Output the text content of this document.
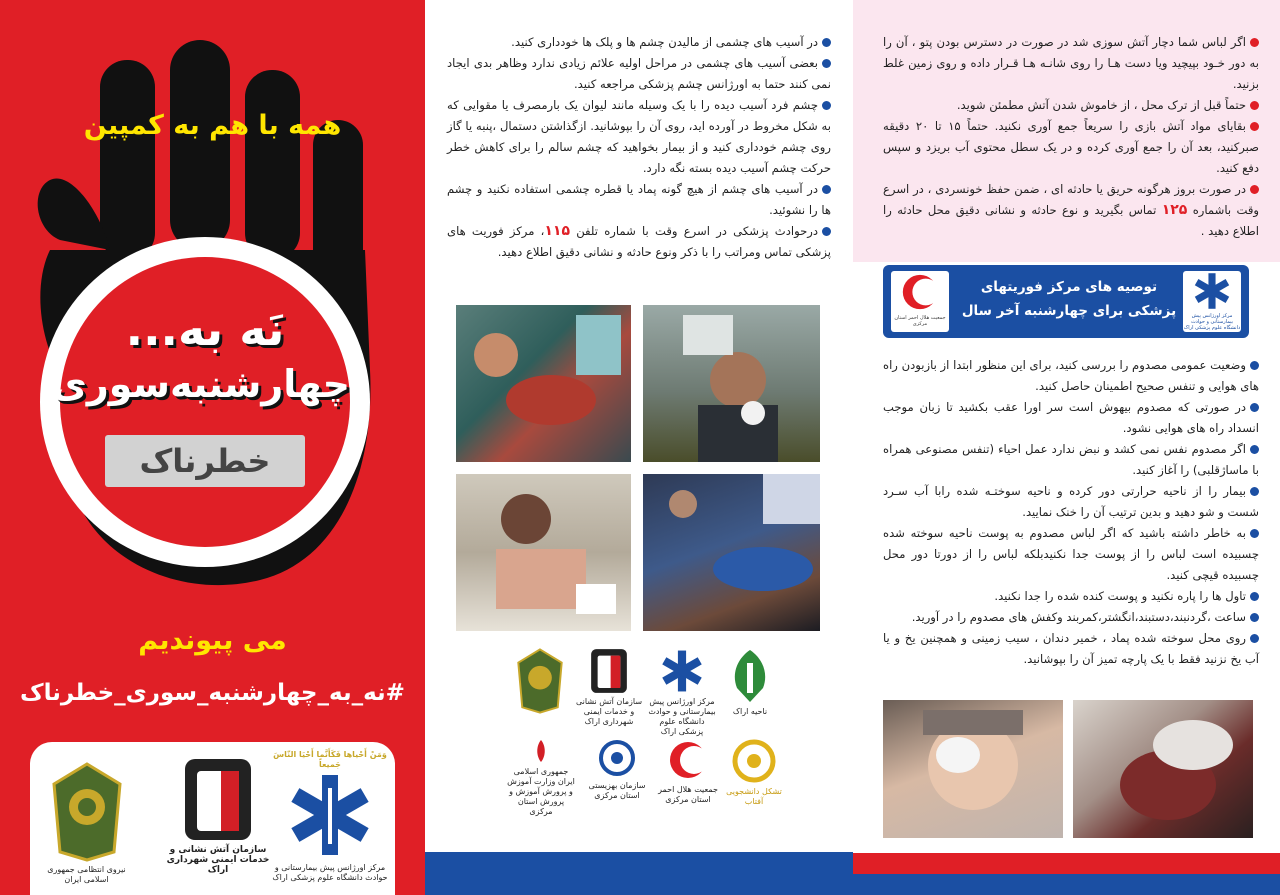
همه با هم به کمپین
نَه به...
چهارشنبه‌سوری
خطرناک
می پیوندیم
#نه_به_چهارشنبه_سوری_خطرناک
نیروی انتظامی جمهوری اسلامی ایران
سازمان آتش نشانی و خدمات ایمنی شهرداری اراک
وَمَنْ أَحْیاها فَکَأَنَّما أَحْیَا النّاسَ جَمیعاً
مرکز اورژانس پیش بیمارستانی و حوادث دانشگاه علوم پزشکی اراک

در آسیب های چشمی از مالیدن چشم ها و پلک ها خودداری کنید.

بعضی آسیب های چشمی در مراحل اولیه علائم زیادی ندارد وظاهر بدی ایجاد نمی کنند حتما به اورژانس چشم پزشکی مراجعه کنید.

چشم فرد آسیب دیده را با یک وسیله مانند لیوان یک بارمصرف یا مقوایی که به شکل مخروط در آورده اید، روی آن را بپوشانید. ازگذاشتن دستمال ،پنبه یا گاز روی چشم خودداری کنید و از بیمار بخواهید که چشم سالم را برای کاهش خطر حرکت چشم آسیب دیده بسته نگه دارد.

در آسیب های چشم از هیچ گونه پماد یا قطره چشمی استفاده نکنید و چشم ها را نشوئید.

درحوادث پزشکی در اسرع وقت با شماره تلفن ۱۱۵، مرکز فوریت های پزشکی تماس ومراتب را با ذکر ونوع حادثه و نشانی دقیق اطلاع دهید.

سازمان آتش نشانی و خدمات ایمنی شهرداری اراک
مرکز اورژانس پیش بیمارستانی و حوادث دانشگاه علوم پزشکی اراک
ناحیه اراک
جمهوری اسلامی ایران وزارت آموزش و پرورش آموزش و پرورش استان مرکزی
سازمان بهزیستی استان مرکزی
جمعیت هلال احمر استان مرکزی
تشکل دانشجویی آفتاب

اگر لباس شما دچار آتش سوزی شد در صورت در دسترس بودن پتو ، آن را به دور خـود بپیچید ویا دست هـا را روی شانـه هـا قـرار داده و روی زمین غلط بزنید.

حتماً قبل از ترک محل ، از خاموش شدن آتش مطمئن شوید.

بقایای مواد آتش بازی را سریعاً جمع آوری نکنید. حتماً ۱۵ تا ۲۰ دقیقه صبرکنید، بعد آن را جمع آوری کرده و در یک سطل محتوی آب بریزد و سپس دفع کنید.

در صورت بروز هرگونه حریق یا حادثه ای ، ضمن حفظ خونسردی ، در اسرع وقت باشماره ۱۲۵ تماس بگیرید و نوع حادثه و نشانی دقیق محل حادثه را اطلاع دهید .

مرکز اورژانس پیش بیمارستانی و حوادث دانشگاه علوم پزشکی اراک
توصیه های مرکز فوریتهای پزشکی برای چهارشنبه آخر سال
جمعیت هلال احمر استان مرکزی

وضعیت عمومی مصدوم را بررسی کنید، برای این منظور ابتدا از بازبودن راه های هوایی و تنفس صحیح اطمینان حاصل کنید.

در صورتی که مصدوم بیهوش است سر اورا عقب بکشید تا زبان موجب انسداد راه های هوایی نشود.

اگر مصدوم نفس نمی کشد و نبض ندارد عمل احیاء (تنفس مصنوعی همراه با ماساژقلبی) را آغاز کنید.

بیمار را از ناحیه حرارتی دور کرده و ناحیه سوختـه شده رابا آب سـرد شست و شو دهید و بدین ترتیب آن را خنک نمایید.

به خاطر داشته باشید که اگر لباس مصدوم به پوست ناحیه سوخته شده چسبیده است لباس را از پوست جدا نکنیدبلکه لباس را از دورتا دور محل چسبیده قیچی کنید.

تاول ها را پاره نکنید و پوست کنده شده را جدا نکنید.

ساعت ،گردنبند،دستبند،انگشتر،کمربند وکفش های مصدوم را در آورید.

روی محل سوخته شده پماد ، خمیر دندان ، سیب زمینی و همچنین یخ و یا آب یخ نزنید فقط با یک پارچه تمیز آن را بپوشانید.
